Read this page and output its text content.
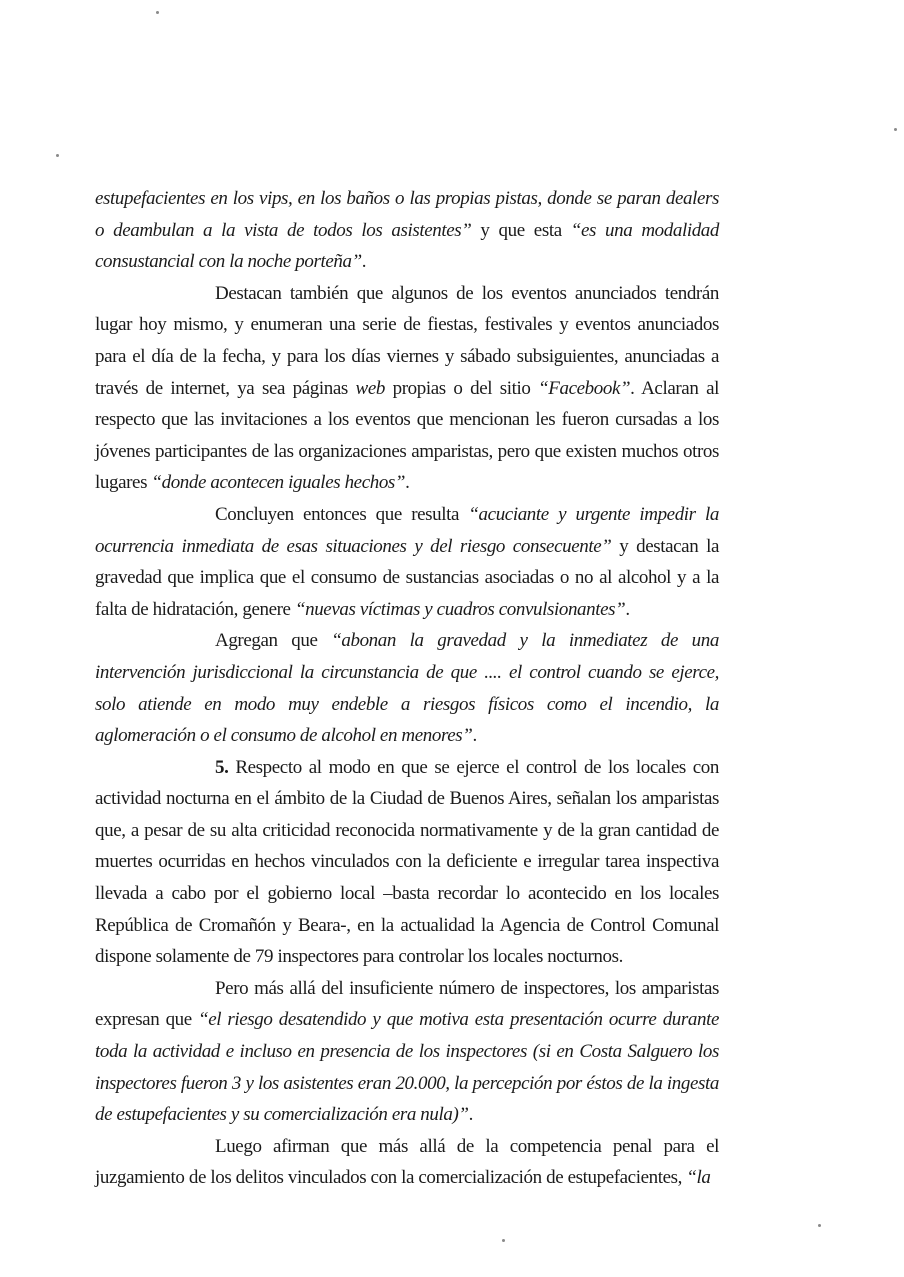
estupefacientes en los vips, en los baños o las propias pistas, donde se paran dealers o deambulan a la vista de todos los asistentes” y que esta “es una modalidad consustancial con la noche porteña”.

Destacan también que algunos de los eventos anunciados tendrán lugar hoy mismo, y enumeran una serie de fiestas, festivales y eventos anunciados para el día de la fecha, y para los días viernes y sábado subsiguientes, anunciadas a través de internet, ya sea páginas web propias o del sitio “Facebook”. Aclaran al respecto que las invitaciones a los eventos que mencionan les fueron cursadas a los jóvenes participantes de las organizaciones amparistas, pero que existen muchos otros lugares “donde acontecen iguales hechos”.

Concluyen entonces que resulta “acuciante y urgente impedir la ocurrencia inmediata de esas situaciones y del riesgo consecuente” y destacan la gravedad que implica que el consumo de sustancias asociadas o no al alcohol y a la falta de hidratación, genere “nuevas víctimas y cuadros convulsionantes”.

Agregan que “abonan la gravedad y la inmediatez de una intervención jurisdiccional la circunstancia de que .... el control cuando se ejerce, solo atiende en modo muy endeble a riesgos físicos como el incendio, la aglomeración o el consumo de alcohol en menores”.

5. Respecto al modo en que se ejerce el control de los locales con actividad nocturna en el ámbito de la Ciudad de Buenos Aires, señalan los amparistas que, a pesar de su alta criticidad reconocida normativamente y de la gran cantidad de muertes ocurridas en hechos vinculados con la deficiente e irregular tarea inspectiva llevada a cabo por el gobierno local –basta recordar lo acontecido en los locales República de Cromañón y Beara-, en la actualidad la Agencia de Control Comunal dispone solamente de 79 inspectores para controlar los locales nocturnos.

Pero más allá del insuficiente número de inspectores, los amparistas expresan que “el riesgo desatendido y que motiva esta presentación ocurre durante toda la actividad e incluso en presencia de los inspectores (si en Costa Salguero los inspectores fueron 3 y los asistentes eran 20.000, la percepción por éstos de la ingesta de estupefacientes y su comercialización era nula)”.

Luego afirman que más allá de la competencia penal para el juzgamiento de los delitos vinculados con la comercialización de estupefacientes, “la
